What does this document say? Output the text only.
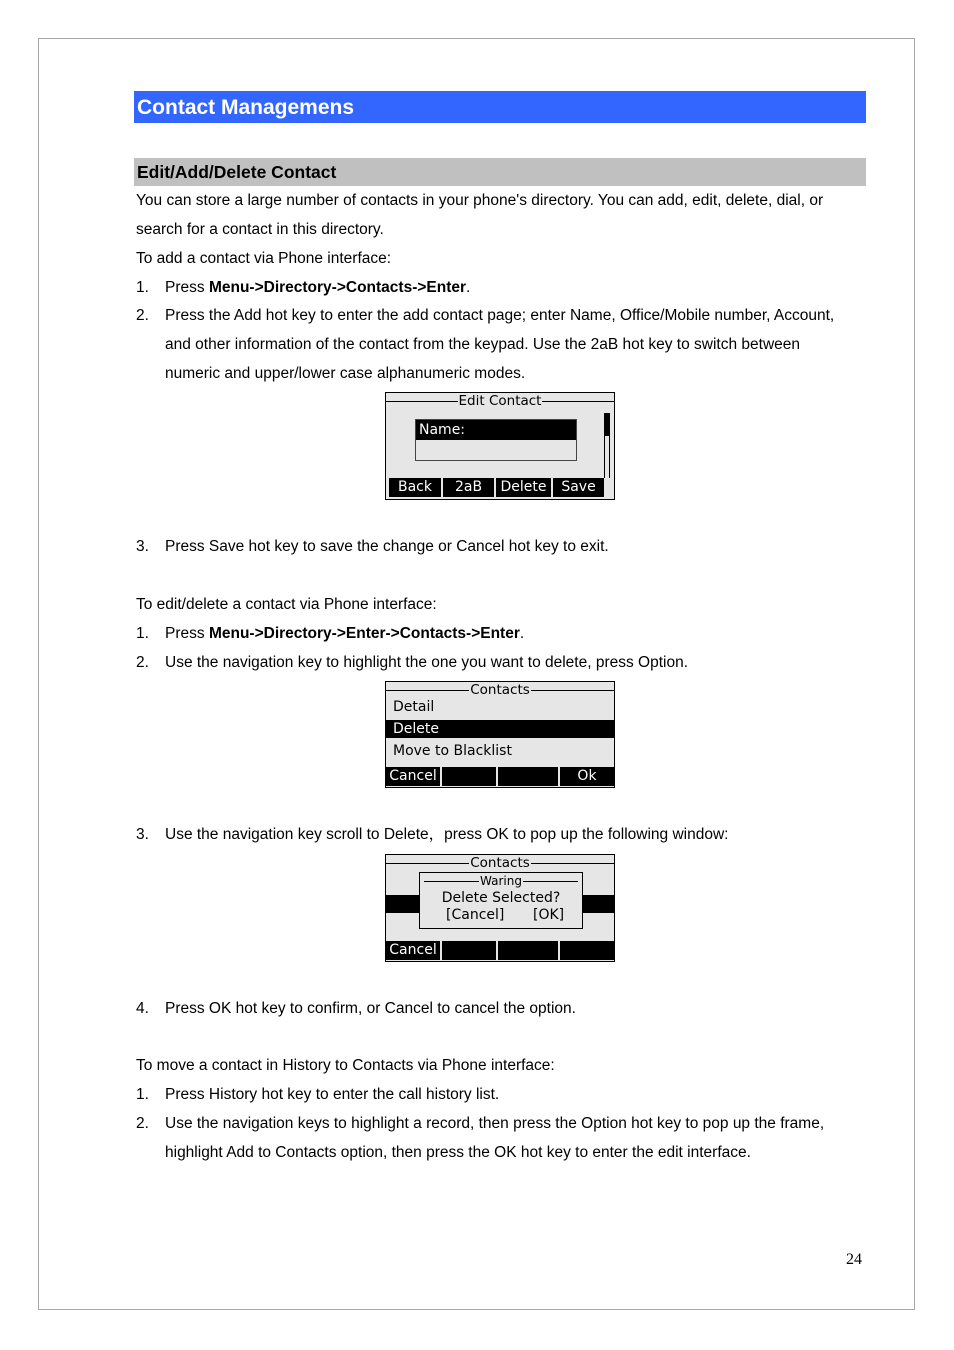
Contact Managemens
Edit/Add/Delete Contact
You can store a large number of contacts in your phone's directory. You can add, edit, delete, dial, or
search for a contact in this directory.
To add a contact via Phone interface:
1. Press Menu->Directory->Contacts->Enter.
2. Press the Add hot key to enter the add contact page; enter Name, Office/Mobile number, Account,
and other information of the contact from the keypad. Use the 2aB hot key to switch between
numeric and upper/lower case alphanumeric modes.
Edit Contact
Name:
Back	2aB	Delete	Save
3. Press Save hot key to save the change or Cancel hot key to exit.
To edit/delete a contact via Phone interface:
1. Press Menu->Directory->Enter->Contacts->Enter.
2. Use the navigation key to highlight the one you want to delete, press Option.
Contacts
Detail
Delete
Move to Blacklist
Cancel	Ok
3. Use the navigation key scroll to Delete，press OK to pop up the following window:
Contacts
Waring
Delete Selected?
[Cancel] [OK]
Cancel
4. Press OK hot key to confirm, or Cancel to cancel the option.
To move a contact in History to Contacts via Phone interface:
1. Press History hot key to enter the call history list.
2. Use the navigation keys to highlight a record, then press the Option hot key to pop up the frame,
highlight Add to Contacts option, then press the OK hot key to enter the edit interface.
24
